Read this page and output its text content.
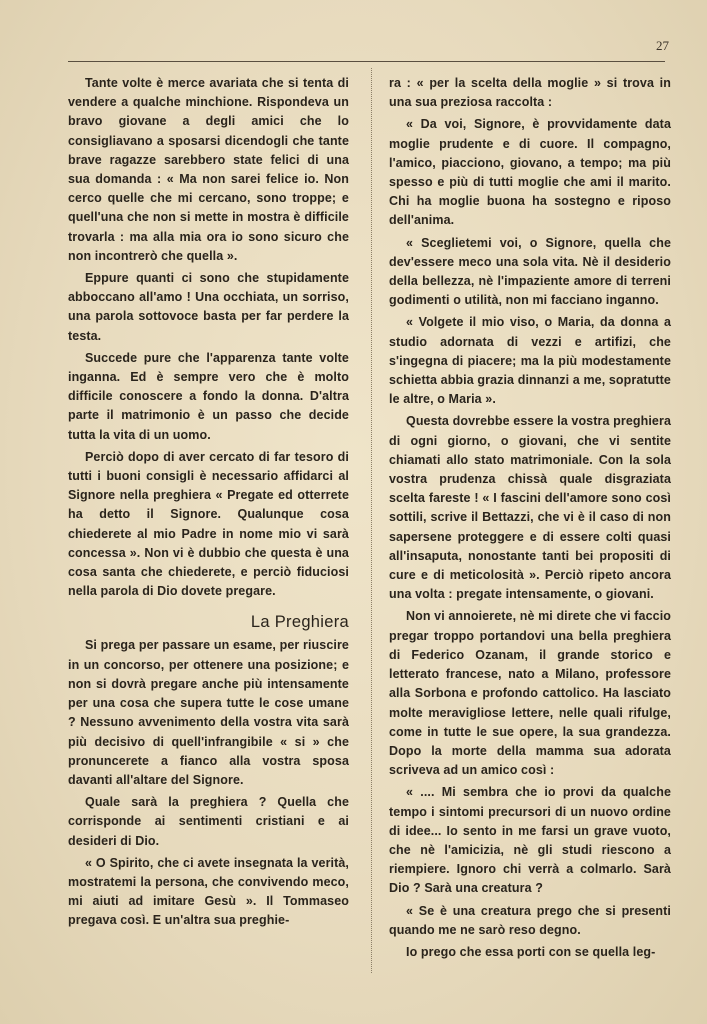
27

Tante volte è merce avariata che si tenta di vendere a qualche minchione. Rispondeva un bravo giovane a degli amici che lo consigliavano a sposarsi dicendogli che tante brave ragazze sarebbero state felici di una sua domanda : « Ma non sarei felice io. Non cerco quelle che mi cercano, sono troppe; e quell'una che non si mette in mostra è difficile trovarla : ma alla mia ora io sono sicuro che non incontrerò che quella ».

Eppure quanti ci sono che stupidamente abboccano all'amo ! Una occhiata, un sorriso, una parola sottovoce basta per far perdere la testa.

Succede pure che l'apparenza tante volte inganna. Ed è sempre vero che è molto difficile conoscere a fondo la donna. D'altra parte il matrimonio è un passo che decide tutta la vita di un uomo.

Perciò dopo di aver cercato di far tesoro di tutti i buoni consigli è necessario affidarci al Signore nella preghiera « Pregate ed otterrete ha detto il Signore. Qualunque cosa chiederete al mio Padre in nome mio vi sarà concessa ». Non vi è dubbio che questa è una cosa santa che chiederete, e perciò fiduciosi nella parola di Dio dovete pregare.

La Preghiera

Si prega per passare un esame, per riuscire in un concorso, per ottenere una posizione; e non si dovrà pregare anche più intensamente per una cosa che supera tutte le cose umane ? Nessuno avvenimento della vostra vita sarà più decisivo di quell'infrangibile « si » che pronuncerete a fianco alla vostra sposa davanti all'altare del Signore.

Quale sarà la preghiera ? Quella che corrisponde ai sentimenti cristiani e ai desideri di Dio.

« O Spirito, che ci avete insegnata la verità, mostratemi la persona, che convivendo meco, mi aiuti ad imitare Gesù ». Il Tommaseo pregava così. E un'altra sua preghie-

ra : « per la scelta della moglie » si trova in una sua preziosa raccolta :

« Da voi, Signore, è provvidamente data moglie prudente e di cuore. Il compagno, l'amico, piacciono, giovano, a tempo; ma più spesso e più di tutti moglie che ami il marito. Chi ha moglie buona ha sostegno e riposo dell'anima.

« Sceglietemi voi, o Signore, quella che dev'essere meco una sola vita. Nè il desiderio della bellezza, nè l'impaziente amore di terreni godimenti o utilità, non mi facciano inganno.

« Volgete il mio viso, o Maria, da donna a studio adornata di vezzi e artifizi, che s'ingegna di piacere; ma la più modestamente schietta abbia grazia dinnanzi a me, sopratutte le altre, o Maria ».

Questa dovrebbe essere la vostra preghiera di ogni giorno, o giovani, che vi sentite chiamati allo stato matrimoniale. Con la sola vostra prudenza chissà quale disgraziata scelta fareste ! « I fascini dell'amore sono così sottili, scrive il Bettazzi, che vi è il caso di non sapersene proteggere e di essere colti quasi all'insaputa, nonostante tanti bei propositi di cure e di meticolosità ». Perciò ripeto ancora una volta : pregate intensamente, o giovani.

Non vi annoierete, nè mi direte che vi faccio pregar troppo portandovi una bella preghiera di Federico Ozanam, il grande storico e letterato francese, nato a Milano, professore alla Sorbona e profondo cattolico. Ha lasciato molte meravigliose lettere, nelle quali rifulge, come in tutte le sue opere, la sua grandezza. Dopo la morte della mamma sua adorata scriveva ad un amico così :

« .... Mi sembra che io provi da qualche tempo i sintomi precursori di un nuovo ordine di idee... Io sento in me farsi un grave vuoto, che nè l'amicizia, nè gli studi riescono a riempiere. Ignoro chi verrà a colmarlo. Sarà Dio ? Sarà una creatura ?

« Se è una creatura prego che si presenti quando me ne sarò reso degno.

Io prego che essa porti con se quella leg-
